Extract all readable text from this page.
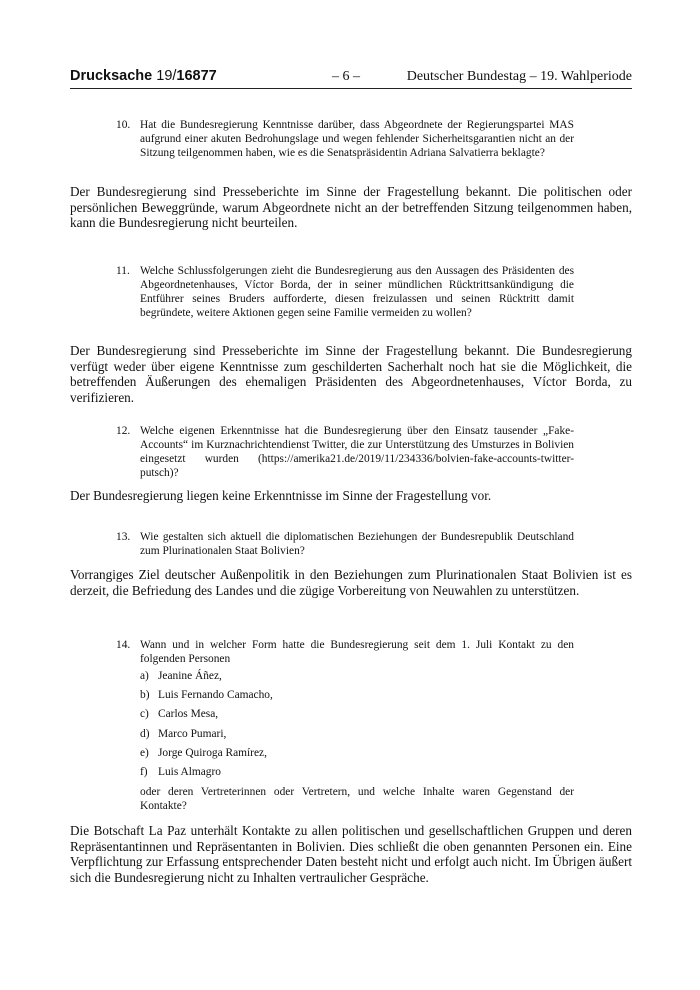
Drucksache 19/16877	– 6 –	Deutscher Bundestag – 19. Wahlperiode
10. Hat die Bundesregierung Kenntnisse darüber, dass Abgeordnete der Regierungspartei MAS aufgrund einer akuten Bedrohungslage und wegen fehlender Sicherheitsgarantien nicht an der Sitzung teilgenommen haben, wie es die Senatspräsidentin Adriana Salvatierra beklagte?
Der Bundesregierung sind Presseberichte im Sinne der Fragestellung bekannt. Die politischen oder persönlichen Beweggründe, warum Abgeordnete nicht an der betreffenden Sitzung teilgenommen haben, kann die Bundesregierung nicht beurteilen.
11. Welche Schlussfolgerungen zieht die Bundesregierung aus den Aussagen des Präsidenten des Abgeordnetenhauses, Víctor Borda, der in seiner mündlichen Rücktrittsankündigung die Entführer seines Bruders aufforderte, diesen freizulassen und seinen Rücktritt damit begründete, weitere Aktionen gegen seine Familie vermeiden zu wollen?
Der Bundesregierung sind Presseberichte im Sinne der Fragestellung bekannt. Die Bundesregierung verfügt weder über eigene Kenntnisse zum geschilderten Sacherhalt noch hat sie die Möglichkeit, die betreffenden Äußerungen des ehemaligen Präsidenten des Abgeordnetenhauses, Víctor Borda, zu verifizieren.
12. Welche eigenen Erkenntnisse hat die Bundesregierung über den Einsatz tausender „Fake-Accounts“ im Kurznachrichtendienst Twitter, die zur Unterstützung des Umsturzes in Bolivien eingesetzt wurden (https://amerika21.de/2019/11/234336/bolvien-fake-accounts-twitter-putsch)?
Der Bundesregierung liegen keine Erkenntnisse im Sinne der Fragestellung vor.
13. Wie gestalten sich aktuell die diplomatischen Beziehungen der Bundesrepublik Deutschland zum Plurinationalen Staat Bolivien?
Vorrangiges Ziel deutscher Außenpolitik in den Beziehungen zum Plurinationalen Staat Bolivien ist es derzeit, die Befriedung des Landes und die zügige Vorbereitung von Neuwahlen zu unterstützen.
14. Wann und in welcher Form hatte die Bundesregierung seit dem 1. Juli Kontakt zu den folgenden Personen
a) Jeanine Áñez,
b) Luis Fernando Camacho,
c) Carlos Mesa,
d) Marco Pumari,
e) Jorge Quiroga Ramírez,
f) Luis Almagro
oder deren Vertreterinnen oder Vertretern, und welche Inhalte waren Gegenstand der Kontakte?
Die Botschaft La Paz unterhält Kontakte zu allen politischen und gesellschaftlichen Gruppen und deren Repräsentantinnen und Repräsentanten in Bolivien. Dies schließt die oben genannten Personen ein. Eine Verpflichtung zur Erfassung entsprechender Daten besteht nicht und erfolgt auch nicht. Im Übrigen äußert sich die Bundesregierung nicht zu Inhalten vertraulicher Gespräche.
